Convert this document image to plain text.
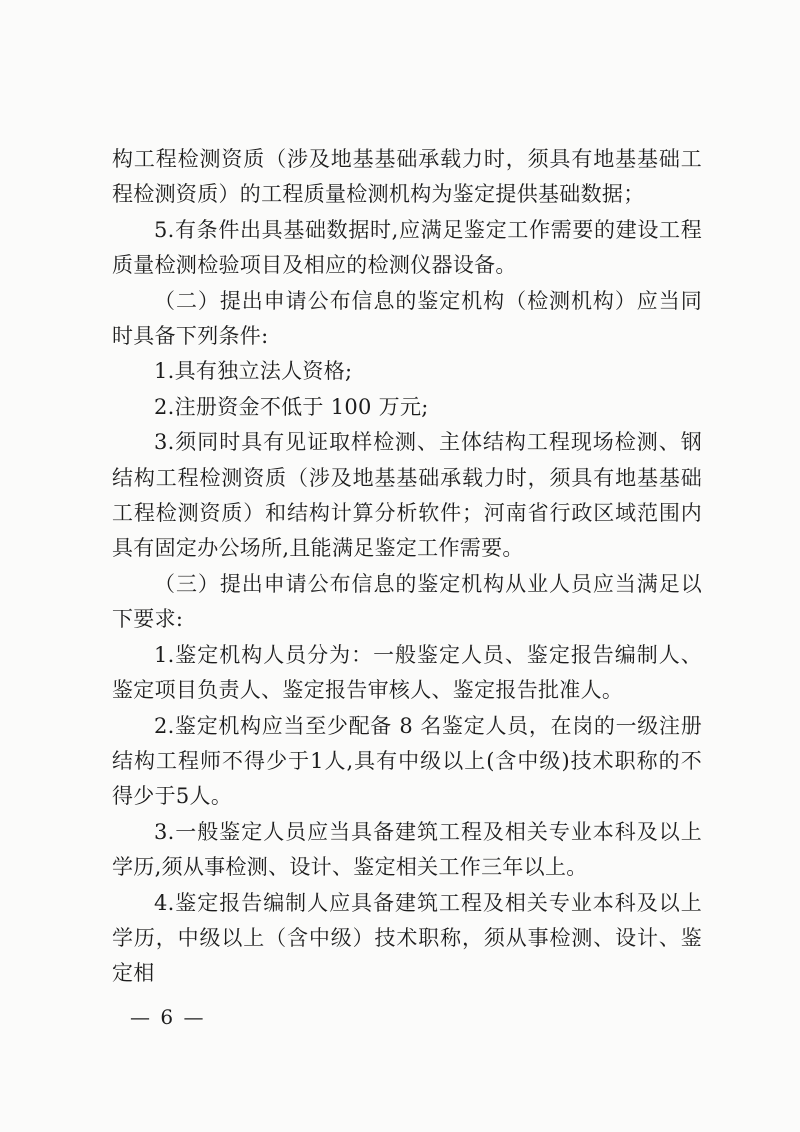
构工程检测资质（涉及地基基础承载力时，须具有地基基础工程检测资质）的工程质量检测机构为鉴定提供基础数据；

5.有条件出具基础数据时,应满足鉴定工作需要的建设工程质量检测检验项目及相应的检测仪器设备。

（二）提出申请公布信息的鉴定机构（检测机构）应当同时具备下列条件:

1.具有独立法人资格;

2.注册资金不低于 100 万元;

3.须同时具有见证取样检测、主体结构工程现场检测、钢结构工程检测资质（涉及地基基础承载力时，须具有地基基础工程检测资质）和结构计算分析软件；河南省行政区域范围内具有固定办公场所,且能满足鉴定工作需要。

（三）提出申请公布信息的鉴定机构从业人员应当满足以下要求:

1.鉴定机构人员分为：一般鉴定人员、鉴定报告编制人、鉴定项目负责人、鉴定报告审核人、鉴定报告批准人。

2.鉴定机构应当至少配备 8 名鉴定人员，在岗的一级注册结构工程师不得少于1人,具有中级以上(含中级)技术职称的不得少于5人。

3.一般鉴定人员应当具备建筑工程及相关专业本科及以上学历,须从事检测、设计、鉴定相关工作三年以上。

4.鉴定报告编制人应具备建筑工程及相关专业本科及以上学历，中级以上（含中级）技术职称，须从事检测、设计、鉴定相

— 6 —
